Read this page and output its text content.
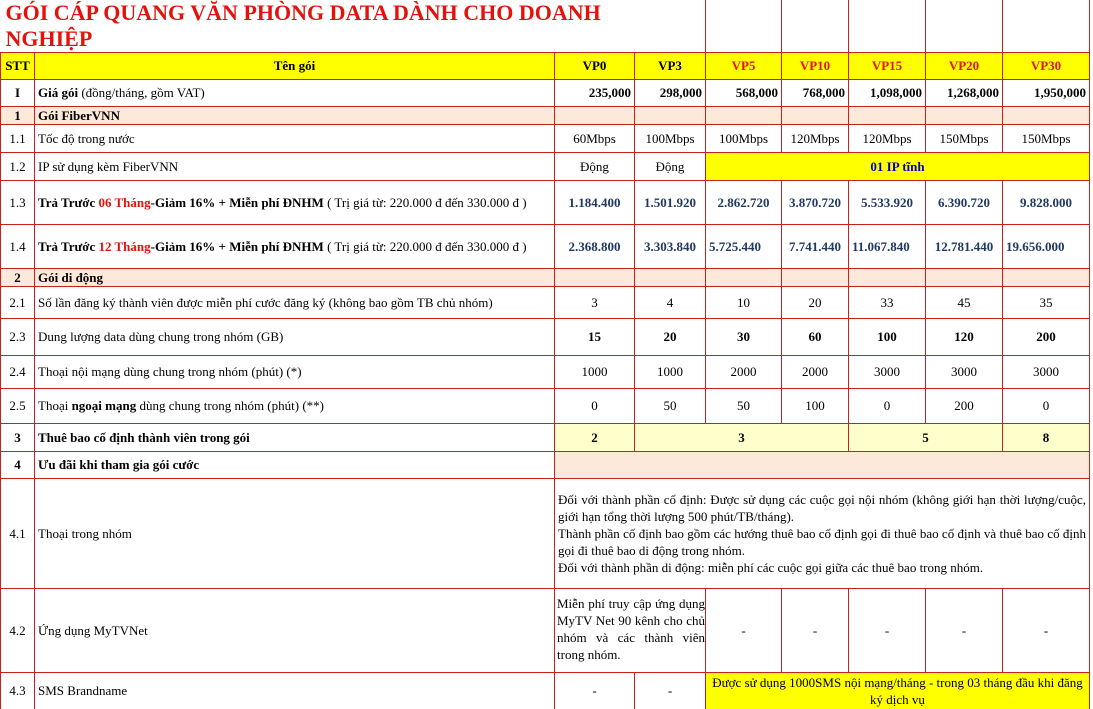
GÓI CÁP QUANG VĂN PHÒNG DATA DÀNH CHO DOANH NGHIỆP								
STT	Tên gói	VP0	VP3	VP5	VP10	VP15	VP20	VP30
I	Giá gói (đồng/tháng, gồm VAT)	235,000	298,000	568,000	768,000	1,098,000	1,268,000	1,950,000
1	Gói FiberVNN							
1.1	Tốc độ trong nước	60Mbps	100Mbps	100Mbps	120Mbps	120Mbps	150Mbps	150Mbps
1.2	IP sử dụng kèm FiberVNN	Động	Động	01 IP tĩnh				
1.3	Trả Trước 06 Tháng-Giảm 16% + Miễn phí ĐNHM ( Trị giá từ: 220.000 đ đến 330.000 đ )	1.184.400	1.501.920	2.862.720	3.870.720	5.533.920	6.390.720	9.828.000
1.4	Trả Trước 12 Tháng-Giảm 16% + Miễn phí ĐNHM ( Trị giá từ: 220.000 đ đến 330.000 đ )	2.368.800	3.303.840	5.725.440	7.741.440	11.067.840	12.781.440	19.656.000
2	Gói di động							
2.1	Số lần đăng ký thành viên được miễn phí cước đăng ký (không bao gồm TB chủ nhóm)	3	4	10	20	33	45	35
2.3	Dung lượng data dùng chung trong nhóm (GB)	15	20	30	60	100	120	200
2.4	Thoại nội mạng dùng chung trong nhóm (phút) (*)	1000	1000	2000	2000	3000	3000	3000
2.5	Thoại ngoại mạng dùng chung trong nhóm (phút) (**)	0	50	50	100	0	200	0
3	Thuê bao cố định thành viên trong gói	2	3			5		8
4	Ưu đãi khi tham gia gói cước							
4.1	Thoại trong nhóm	Đối với thành phần cố định: Được sử dụng các cuộc gọi nội nhóm (không giới hạn thời lượng/cuộc, giới hạn tổng thời lượng 500 phút/TB/tháng).
Thành phần cố định bao gồm các hướng thuê bao cố định gọi đi thuê bao cố định và thuê bao cố định gọi đi thuê bao di động trong nhóm.
Đối với thành phần di động: miễn phí các cuộc gọi giữa các thuê bao trong nhóm.						

4.2	Ứng dụng MyTVNet	Miễn phí truy cập ứng dụng MyTV Net 90 kênh cho chủ nhóm và các thành viên trong nhóm.		-	-	-	-	-
4.3	SMS Brandname	-	-	Được sử dụng 1000SMS nội mạng/tháng - trong 03 tháng đầu khi đăng ký dịch vụ				
